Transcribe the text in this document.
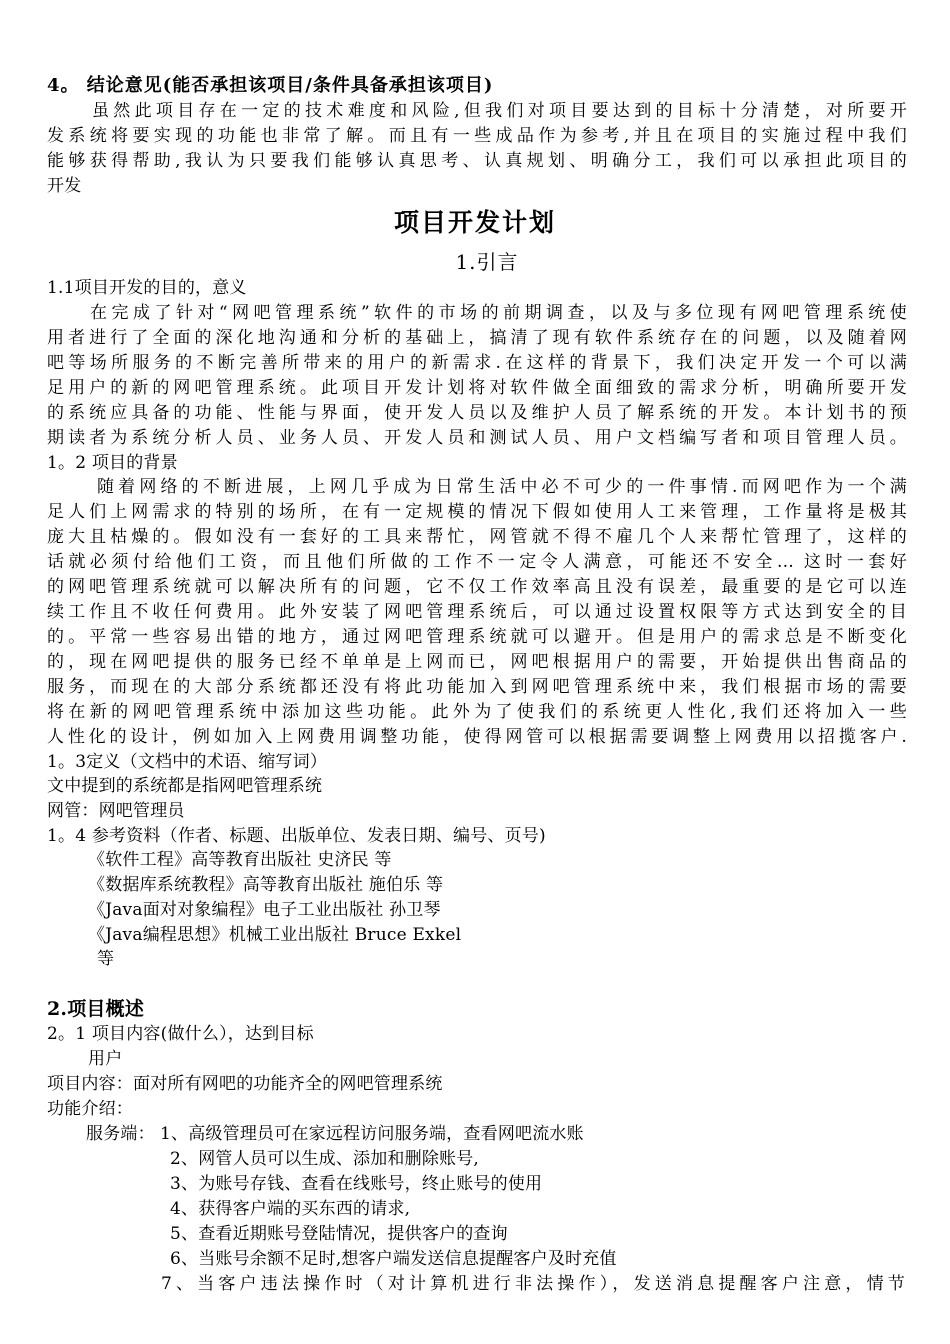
4。 结论意见(能否承担该项目/条件具备承担该项目)
虽然此项目存在一定的技术难度和风险,但我们对项目要达到的目标十分清楚，对所要开
发系统将要实现的功能也非常了解。而且有一些成品作为参考,并且在项目的实施过程中我们
能够获得帮助,我认为只要我们能够认真思考、认真规划、明确分工，我们可以承担此项目的
开发
项目开发计划
1.引言
1.1项目开发的目的，意义
在完成了针对“网吧管理系统”软件的市场的前期调查，以及与多位现有网吧管理系统使
用者进行了全面的深化地沟通和分析的基础上，搞清了现有软件系统存在的问题，以及随着网
吧等场所服务的不断完善所带来的用户的新需求.在这样的背景下，我们决定开发一个可以满
足用户的新的网吧管理系统。此项目开发计划将对软件做全面细致的需求分析，明确所要开发
的系统应具备的功能、性能与界面，使开发人员以及维护人员了解系统的开发。本计划书的预
期读者为系统分析人员、业务人员、开发人员和测试人员、用户文档编写者和项目管理人员。
1。2 项目的背景
随着网络的不断进展，上网几乎成为日常生活中必不可少的一件事情.而网吧作为一个满
足人们上网需求的特别的场所，在有一定规模的情况下假如使用人工来管理，工作量将是极其
庞大且枯燥的。假如没有一套好的工具来帮忙，网管就不得不雇几个人来帮忙管理了，这样的
话就必须付给他们工资，而且他们所做的工作不一定令人满意，可能还不安全… 这时一套好
的网吧管理系统就可以解决所有的问题，它不仅工作效率高且没有误差，最重要的是它可以连
续工作且不收任何费用。此外安装了网吧管理系统后，可以通过设置权限等方式达到安全的目
的。平常一些容易出错的地方，通过网吧管理系统就可以避开。但是用户的需求总是不断变化
的，现在网吧提供的服务已经不单单是上网而已，网吧根据用户的需要，开始提供出售商品的
服务，而现在的大部分系统都还没有将此功能加入到网吧管理系统中来，我们根据市场的需要
将在新的网吧管理系统中添加这些功能。此外为了使我们的系统更人性化,我们还将加入一些
人性化的设计，例如加入上网费用调整功能，使得网管可以根据需要调整上网费用以招揽客户.
1。3定义（文档中的术语、缩写词）
文中提到的系统都是指网吧管理系统
网管：网吧管理员
1。4 参考资料（作者、标题、出版单位、发表日期、编号、页号)
《软件工程》高等教育出版社 史济民 等
《数据库系统教程》高等教育出版社 施伯乐 等
《Java面对对象编程》电子工业出版社 孙卫琴
《Java编程思想》机械工业出版社 Bruce Exkel
等
2.项目概述
2。1 项目内容(做什么），达到目标
用户
项目内容：面对所有网吧的功能齐全的网吧管理系统
功能介绍：
服务端： 1、高级管理员可在家远程访问服务端，查看网吧流水账
2、网管人员可以生成、添加和删除账号,
3、为账号存钱、查看在线账号，终止账号的使用
4、获得客户端的买东西的请求,
5、查看近期账号登陆情况，提供客户的查询
6、当账号余额不足时,想客户端发送信息提醒客户及时充值
7、当客户违法操作时（对计算机进行非法操作），发送消息提醒客户注意，情节
